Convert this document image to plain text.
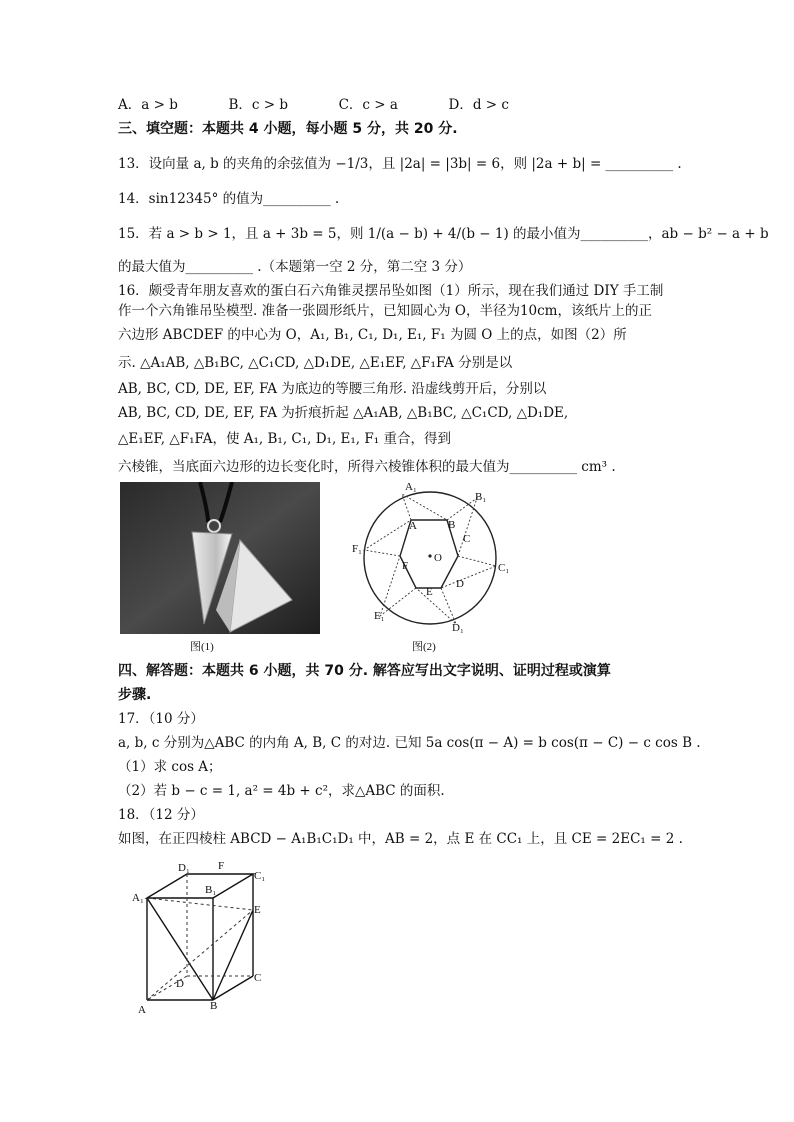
A．a > b	B．c > b	C．c > a	D．d > c
三、填空题：本题共 4 小题，每小题 5 分，共 20 分.
13．设向量 a, b 的夹角的余弦值为 −1/3，且 |2a| = |3b| = 6，则 |2a + b| = __________ .
14．sin12345° 的值为__________ .
15．若 a > b > 1，且 a + 3b = 5，则 1/(a − b) + 4/(b − 1) 的最小值为__________，ab − b² − a + b
的最大值为__________ .（本题第一空 2 分，第二空 3 分）
16．颇受青年朋友喜欢的蛋白石六角锥灵摆吊坠如图（1）所示，现在我们通过 DIY 手工制
作一个六角锥吊坠模型. 准备一张圆形纸片，已知圆心为 O，半径为10cm，该纸片上的正
六边形 ABCDEF 的中心为 O，A₁, B₁, C₁, D₁, E₁, F₁ 为圆 O 上的点，如图（2）所
示. △A₁AB, △B₁BC, △C₁CD, △D₁DE, △E₁EF, △F₁FA 分别是以
AB, BC, CD, DE, EF, FA 为底边的等腰三角形. 沿虚线剪开后，分别以
AB, BC, CD, DE, EF, FA 为折痕折起 △A₁AB, △B₁BC, △C₁CD, △D₁DE,
△E₁EF, △F₁FA，使 A₁, B₁, C₁, D₁, E₁, F₁ 重合，得到
六棱锥，当底面六边形的边长变化时，所得六棱锥体积的最大值为__________ cm³ .
图(1)
A₁
B₁
C₁
D₁
E₁
F₁
A	B
C
D
E
F
O
图(2)
四、解答题：本题共 6 小题，共 70 分. 解答应写出文字说明、证明过程或演算
步骤.
17．（10 分）
a, b, c 分别为△ABC 的内角 A, B, C 的对边. 已知 5a cos(π − A) = b cos(π − C) − c cos B .
（1）求 cos A；
（2）若 b − c = 1, a² = 4b + c²，求△ABC 的面积.
18．（12 分）
如图，在正四棱柱 ABCD − A₁B₁C₁D₁ 中，AB = 2，点 E 在 CC₁ 上，且 CE = 2EC₁ = 2 .
D₁	F
C₁
A₁
B₁
E
D	C
A	B
